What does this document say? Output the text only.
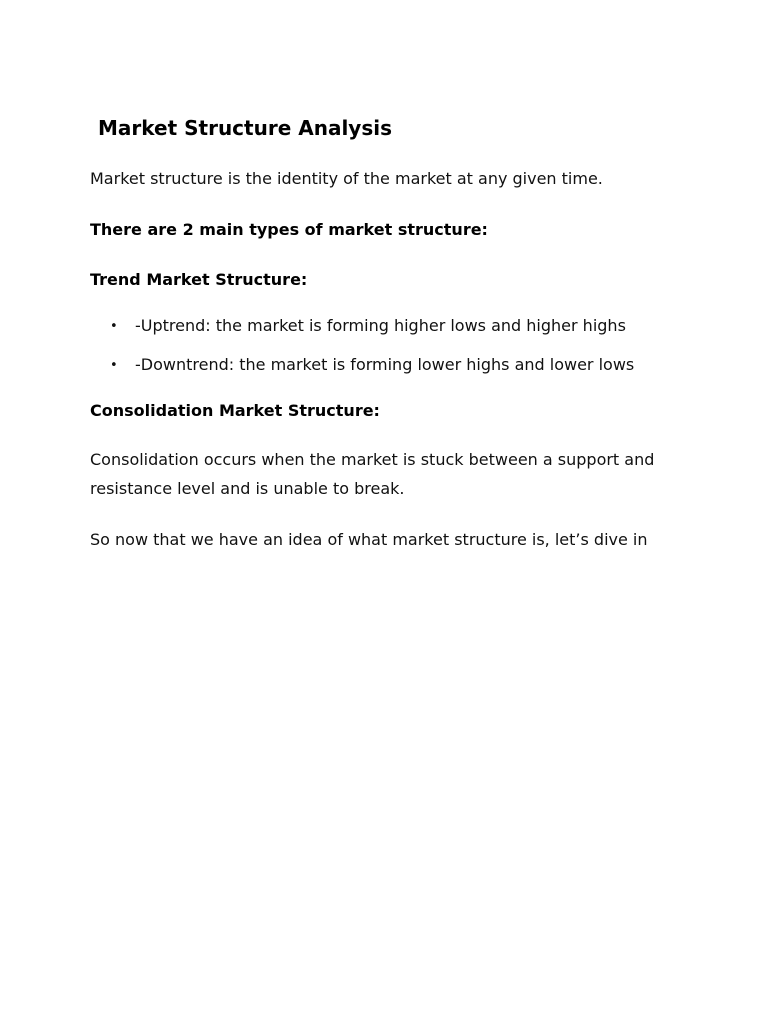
Market Structure Analysis

Market structure is the identity of the market at any given time.

There are 2 main types of market structure:

Trend Market Structure:

• -Uptrend: the market is forming higher lows and higher highs
• -Downtrend: the market is forming lower highs and lower lows

Consolidation Market Structure:

Consolidation occurs when the market is stuck between a support and resistance level and is unable to break.

So now that we have an idea of what market structure is, let’s dive in
